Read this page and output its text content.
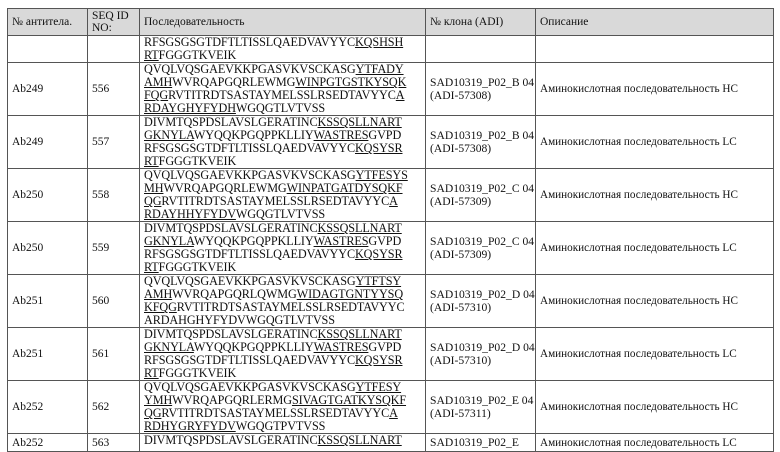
№ антитела.	SEQ ID NO:	Последовательность	№ клона (ADI)	Описание

RFSGSGSGTDFTLTISSLQAEDVAVYYCKQSHSH
RTFGGGTKVEIK

Ab249	556	
QVQLVQSGAEVKKPGASVKVSCKASGYTFADY
AMHWVRQAPGQRLEWMGWINPGTGSTKYSQK
FQGRVTITRDTSASTAYMELSSLRSEDTAVYYCA
RDAYGHYFYDHWGQGTLVTVSS
	SAD10319_P02_B 04 (ADI-57308)	Аминокислотная последовательность HC
Ab249	557	
DIVMTQSPDSLAVSLGERATINCKSSQSLLNART
GKNYLAWYQQKPGQPPKLLIYWASTRESGVPD
RFSGSGSGTDFTLTISSLQAEDVAVYYCKQSYSR
RTFGGGTKVEIK
	SAD10319_P02_B 04 (ADI-57308)	Аминокислотная последовательность LC
Ab250	558	
QVQLVQSGAEVKKPGASVKVSCKASGYTFESYS
MHWVRQAPGQRLEWMGWINPATGATDYSQKF
QGRVTITRDTSASTAYMELSSLRSEDTAVYYCA
RDAYHHYFYDVWGQGTLVTVSS
	SAD10319_P02_C 04 (ADI-57309)	Аминокислотная последовательность HC
Ab250	559	
DIVMTQSPDSLAVSLGERATINCKSSQSLLNART
GKNYLAWYQQKPGQPPKLLIYWASTRESGVPD
RFSGSGSGTDFTLTISSLQAEDVAVYYCKQSYSR
RTFGGGTKVEIK
	SAD10319_P02_C 04 (ADI-57309)	Аминокислотная последовательность LC
Ab251	560	
QVQLVQSGAEVKKPGASVKVSCKASGYTFTSY
AMHWVRQAPGQRLQWMGWIDAGTGNTYYSQ
KFQGRVTITRDTSASTAYMELSSLRSEDTAVYYC
ARDAHGHYFYDVWGQGTLVTVSS
	SAD10319_P02_D 04 (ADI-57310)	Аминокислотная последовательность HC
Ab251	561	
DIVMTQSPDSLAVSLGERATINCKSSQSLLNART
GKNYLAWYQQKPGQPPKLLIYWASTRESGVPD
RFSGSGSGTDFTLTISSLQAEDVAVYYCKQSYSR
RTFGGGTKVEIK
	SAD10319_P02_D 04 (ADI-57310)	Аминокислотная последовательность LC
Ab252	562	
QVQLVQSGAEVKKPGASVKVSCKASGYTFESY
YMHWVRQAPGQRLERMGSIVAGTGATKYSQKF
QGRVTITRDTSASTAYMELSSLRSEDTAVYYCA
RDHYGRYFYDVWGQGTPVTVSS
	SAD10319_P02_E 04 (ADI-57311)	Аминокислотная последовательность HC
Ab252	563	DIVMTQSPDSLAVSLGERATINCKSSQSLLNART	SAD10319_P02_E	Аминокислотная последовательность LC
